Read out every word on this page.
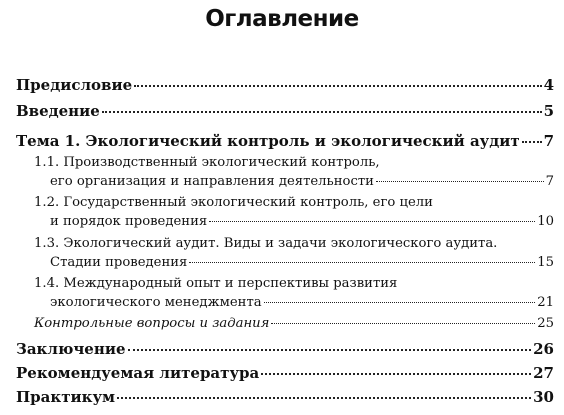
Оглавление
Предисловие	4
Введение	5
Тема 1. Экологический контроль и экологический аудит 7
1.1. Производственный экологический контроль,
его организация и направления деятельности	7
1.2. Государственный экологический контроль, его цели
и порядок проведения	10
1.3. Экологический аудит. Виды и задачи экологического аудита.
Стадии проведения	15
1.4. Международный опыт и перспективы развития
экологического менеджмента	21
Контрольные вопросы и задания	25
Заключение	26
Рекомендуемая литература	27
Практикум	30
